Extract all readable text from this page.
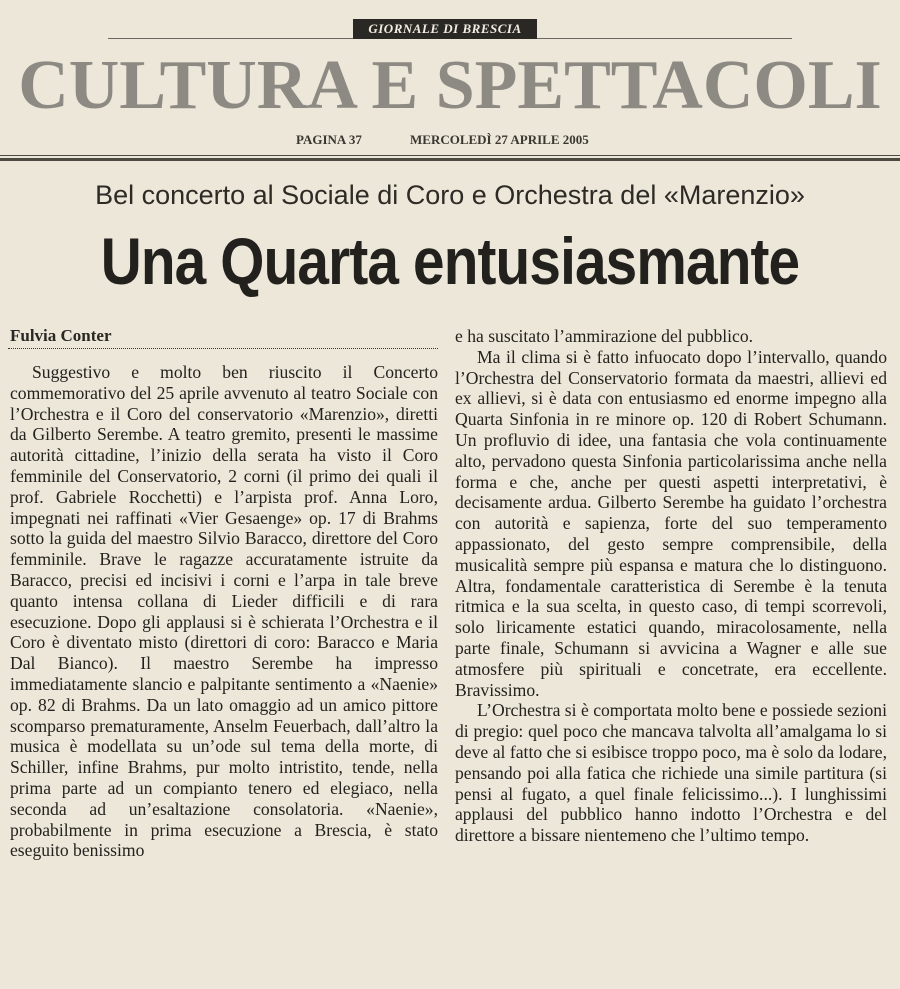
GIORNALE DI BRESCIA
CULTURA E SPETTACOLI
PAGINA 37	MERCOLEDÌ 27 APRILE 2005
Bel concerto al Sociale di Coro e Orchestra del «Marenzio»
Una Quarta entusiasmante
Fulvia Conter

Suggestivo e molto ben riuscito il Concerto commemorativo del 25 aprile avvenuto al teatro Sociale con l’Orchestra e il Coro del conservatorio «Marenzio», diretti da Gilberto Serembe. A teatro gremito, presenti le massime autorità cittadine, l’inizio della serata ha visto il Coro femminile del Conservatorio, 2 corni (il primo dei quali il prof. Gabriele Rocchetti) e l’arpista prof. Anna Loro, impegnati nei raffinati «Vier Gesaenge» op. 17 di Brahms sotto la guida del maestro Silvio Baracco, direttore del Coro femminile. Brave le ragazze accuratamente istruite da Baracco, precisi ed incisivi i corni e l’arpa in tale breve quanto intensa collana di Lieder difficili e di rara esecuzione. Dopo gli applausi si è schierata l’Orchestra e il Coro è diventato misto (direttori di coro: Baracco e Maria Dal Bianco). Il maestro Serembe ha impresso immediatamente slancio e palpitante sentimento a «Naenie» op. 82 di Brahms. Da un lato omaggio ad un amico pittore scomparso prematuramente, Anselm Feuerbach, dall’altro la musica è modellata su un’ode sul tema della morte, di Schiller, infine Brahms, pur molto intristito, tende, nella prima parte ad un compianto tenero ed elegiaco, nella seconda ad un’esaltazione consolatoria. «Naenie», probabilmente in prima esecuzione a Brescia, è stato eseguito benissimo

e ha suscitato l’ammirazione del pubblico.

Ma il clima si è fatto infuocato dopo l’intervallo, quando l’Orchestra del Conservatorio formata da maestri, allievi ed ex allievi, si è data con entusiasmo ed enorme impegno alla Quarta Sinfonia in re minore op. 120 di Robert Schumann. Un profluvio di idee, una fantasia che vola continuamente alto, pervadono questa Sinfonia particolarissima anche nella forma e che, anche per questi aspetti interpretativi, è decisamente ardua. Gilberto Serembe ha guidato l’orchestra con autorità e sapienza, forte del suo temperamento appassionato, del gesto sempre comprensibile, della musicalità sempre più espansa e matura che lo distinguono. Altra, fondamentale caratteristica di Serembe è la tenuta ritmica e la sua scelta, in questo caso, di tempi scorrevoli, solo liricamente estatici quando, miracolosamente, nella parte finale, Schumann si avvicina a Wagner e alle sue atmosfere più spirituali e concetrate, era eccellente. Bravissimo.

L’Orchestra si è comportata molto bene e possiede sezioni di pregio: quel poco che mancava talvolta all’amalgama lo si deve al fatto che si esibisce troppo poco, ma è solo da lodare, pensando poi alla fatica che richiede una simile partitura (si pensi al fugato, a quel finale felicissimo...). I lunghissimi applausi del pubblico hanno indotto l’Orchestra e del direttore a bissare nientemeno che l’ultimo tempo.
